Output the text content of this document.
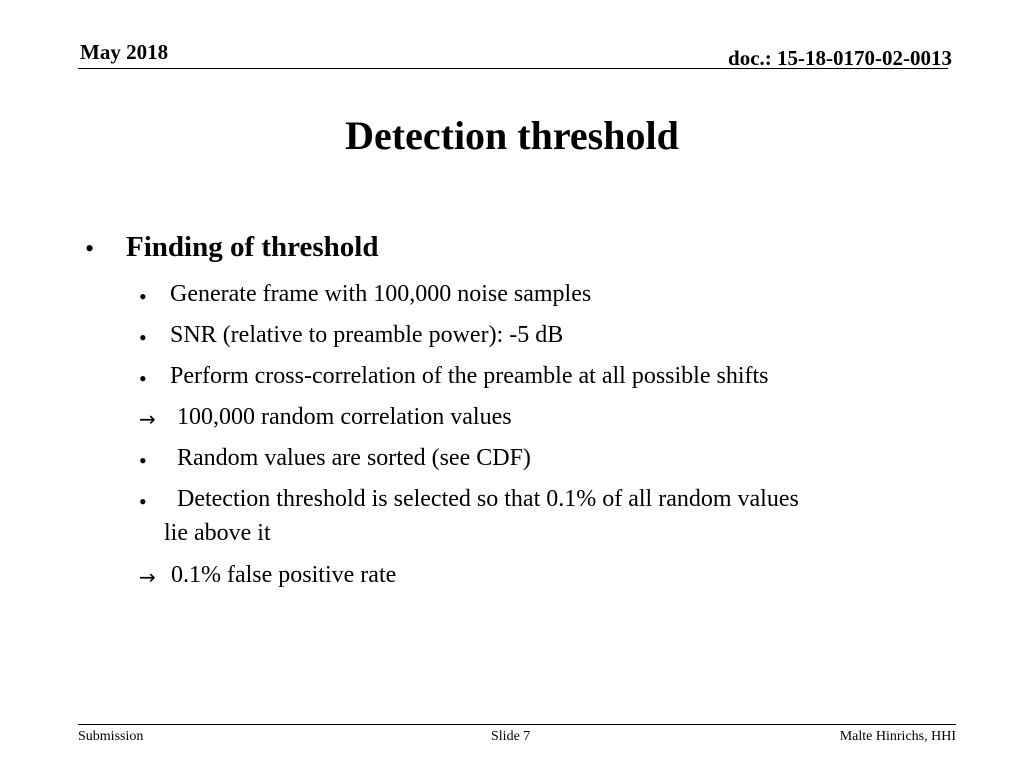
May 2018	doc.: 15-18-0170-02-0013
Detection threshold
• Finding of threshold
• Generate frame with 100,000 noise samples
• SNR (relative to preamble power): -5 dB
• Perform cross-correlation of the preamble at all possible shifts
→ 100,000 random correlation values
• Random values are sorted (see CDF)
• Detection threshold is selected so that 0.1% of all random values
lie above it
→ 0.1% false positive rate
Submission	Slide 7	Malte Hinrichs, HHI
